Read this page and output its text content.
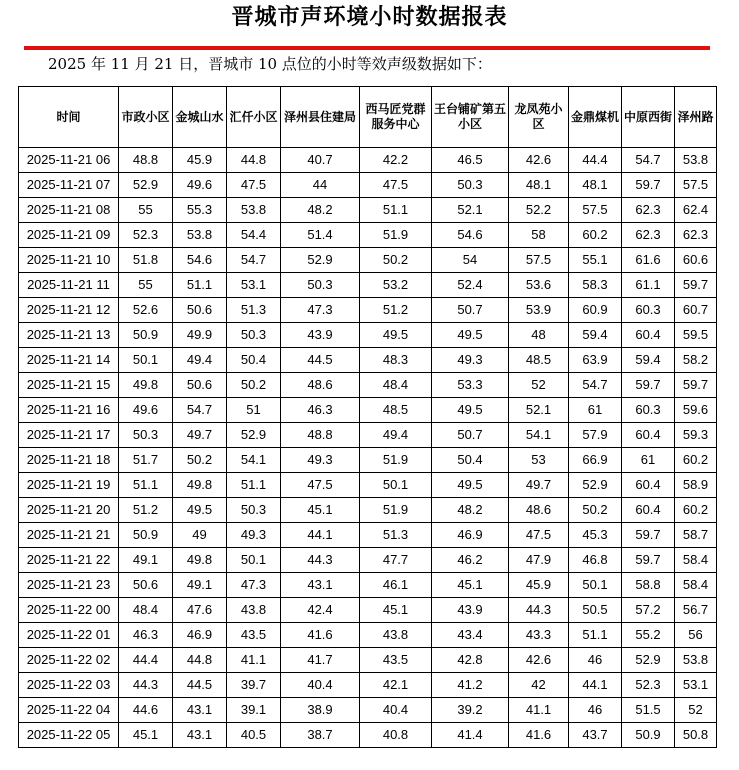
晋城市声环境小时数据报表
2025 年 11 月 21 日，晋城市 10 点位的小时等效声级数据如下：
时间	市政小区	金城山水	汇仟小区	泽州县住建局	西马匠党群服务中心	王台铺矿第五小区	龙凤苑小区	金鼎煤机	中原西街	泽州路
2025-11-21 06	48.8	45.9	44.8	40.7	42.2	46.5	42.6	44.4	54.7	53.8
2025-11-21 07	52.9	49.6	47.5	44	47.5	50.3	48.1	48.1	59.7	57.5
2025-11-21 08	55	55.3	53.8	48.2	51.1	52.1	52.2	57.5	62.3	62.4
2025-11-21 09	52.3	53.8	54.4	51.4	51.9	54.6	58	60.2	62.3	62.3
2025-11-21 10	51.8	54.6	54.7	52.9	50.2	54	57.5	55.1	61.6	60.6
2025-11-21 11	55	51.1	53.1	50.3	53.2	52.4	53.6	58.3	61.1	59.7
2025-11-21 12	52.6	50.6	51.3	47.3	51.2	50.7	53.9	60.9	60.3	60.7
2025-11-21 13	50.9	49.9	50.3	43.9	49.5	49.5	48	59.4	60.4	59.5
2025-11-21 14	50.1	49.4	50.4	44.5	48.3	49.3	48.5	63.9	59.4	58.2
2025-11-21 15	49.8	50.6	50.2	48.6	48.4	53.3	52	54.7	59.7	59.7
2025-11-21 16	49.6	54.7	51	46.3	48.5	49.5	52.1	61	60.3	59.6
2025-11-21 17	50.3	49.7	52.9	48.8	49.4	50.7	54.1	57.9	60.4	59.3
2025-11-21 18	51.7	50.2	54.1	49.3	51.9	50.4	53	66.9	61	60.2
2025-11-21 19	51.1	49.8	51.1	47.5	50.1	49.5	49.7	52.9	60.4	58.9
2025-11-21 20	51.2	49.5	50.3	45.1	51.9	48.2	48.6	50.2	60.4	60.2
2025-11-21 21	50.9	49	49.3	44.1	51.3	46.9	47.5	45.3	59.7	58.7
2025-11-21 22	49.1	49.8	50.1	44.3	47.7	46.2	47.9	46.8	59.7	58.4
2025-11-21 23	50.6	49.1	47.3	43.1	46.1	45.1	45.9	50.1	58.8	58.4
2025-11-22 00	48.4	47.6	43.8	42.4	45.1	43.9	44.3	50.5	57.2	56.7
2025-11-22 01	46.3	46.9	43.5	41.6	43.8	43.4	43.3	51.1	55.2	56
2025-11-22 02	44.4	44.8	41.1	41.7	43.5	42.8	42.6	46	52.9	53.8
2025-11-22 03	44.3	44.5	39.7	40.4	42.1	41.2	42	44.1	52.3	53.1
2025-11-22 04	44.6	43.1	39.1	38.9	40.4	39.2	41.1	46	51.5	52
2025-11-22 05	45.1	43.1	40.5	38.7	40.8	41.4	41.6	43.7	50.9	50.8
